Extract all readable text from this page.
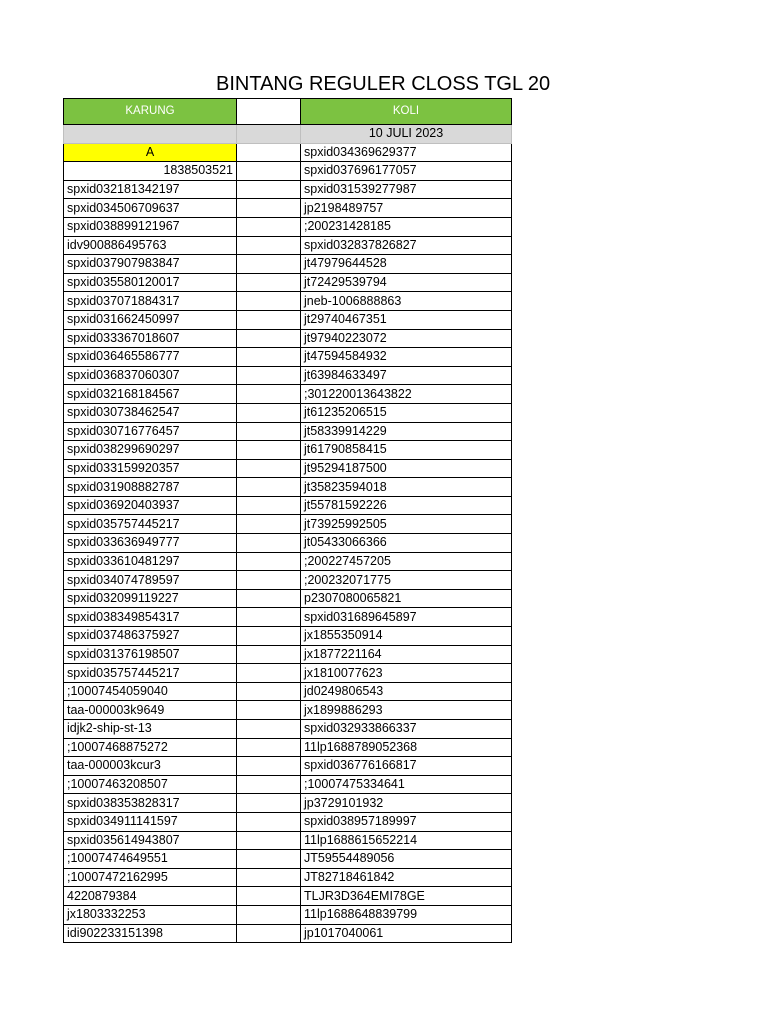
BINTANG REGULER CLOSS TGL 20
KARUNG		KOLI
		10 JULI 2023
A		spxid034369629377
1838503521		spxid037696177057
spxid032181342197		spxid031539277987
spxid034506709637		jp2198489757
spxid038899121967		;200231428185
idv900886495763		spxid032837826827
spxid037907983847		jt47979644528
spxid035580120017		jt72429539794
spxid037071884317		jneb-1006888863
spxid031662450997		jt29740467351
spxid033367018607		jt97940223072
spxid036465586777		jt47594584932
spxid036837060307		jt63984633497
spxid032168184567		;301220013643822
spxid030738462547		jt61235206515
spxid030716776457		jt58339914229
spxid038299690297		jt61790858415
spxid033159920357		jt95294187500
spxid031908882787		jt35823594018
spxid036920403937		jt55781592226
spxid035757445217		jt73925992505
spxid033636949777		jt05433066366
spxid033610481297		;200227457205
spxid034074789597		;200232071775
spxid032099119227		p2307080065821
spxid038349854317		spxid031689645897
spxid037486375927		jx1855350914
spxid031376198507		jx1877221164
spxid035757445217		jx1810077623
;10007454059040		jd0249806543
taa-000003k9649		jx1899886293
idjk2-ship-st-13		spxid032933866337
;10007468875272		11lp1688789052368
taa-000003kcur3		spxid036776166817
;10007463208507		;10007475334641
spxid038353828317		jp3729101932
spxid034911141597		spxid038957189997
spxid035614943807		11lp1688615652214
;10007474649551		JT59554489056
;10007472162995		JT82718461842
4220879384		TLJR3D364EMI78GE
jx1803332253		11lp1688648839799
idi902233151398		jp1017040061
